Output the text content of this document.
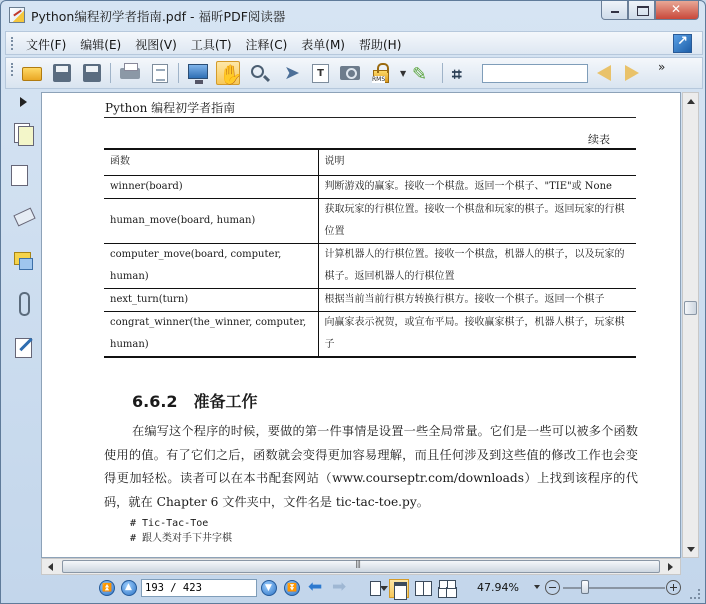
Python编程初学者指南.pdf - 福昕PDF阅读器
✕
文件(F) 编辑(E) 视图(V) 工具(T) 注释(C) 表单(M) 帮助(H)
↗
✋ ➤	T
RMS
▼ ✎ ⌗	»
Python 编程初学者指南
续表
函数	说明
winner(board)	判断游戏的赢家。接收一个棋盘。返回一个棋子、"TIE"或 None
human_move(board, human)	获取玩家的行棋位置。接收一个棋盘和玩家的棋子。返回玩家的行棋位置
computer_move(board, computer, human)	计算机器人的行棋位置。接收一个棋盘，机器人的棋子，以及玩家的棋子。返回机器人的行棋位置
next_turn(turn)	根据当前当前行棋方转换行棋方。接收一个棋子。返回一个棋子
congrat_winner(the_winner, computer, human)	向赢家表示祝贺，或宣布平局。接收赢家棋子，机器人棋子，玩家棋子
6.6.2　准备工作

在编写这个程序的时候，要做的第一件事情是设置一些全局常量。它们是一些可以被多个函数使用的值。有了它们之后，函数就会变得更加容易理解，而且任何涉及到这些值的修改工作也会变得更加轻松。读者可以在本书配套网站（www.courseptr.com/downloads）上找到该程序的代码，就在 Chapter 6 文件夹中，文件名是 tic-tac-toe.py。

# Tic-Tac-Toe
# 跟人类对手下井字棋
|||
⏫
▲
193 / 423 ▼ ⏬ ⬅ ➡	47.94%
